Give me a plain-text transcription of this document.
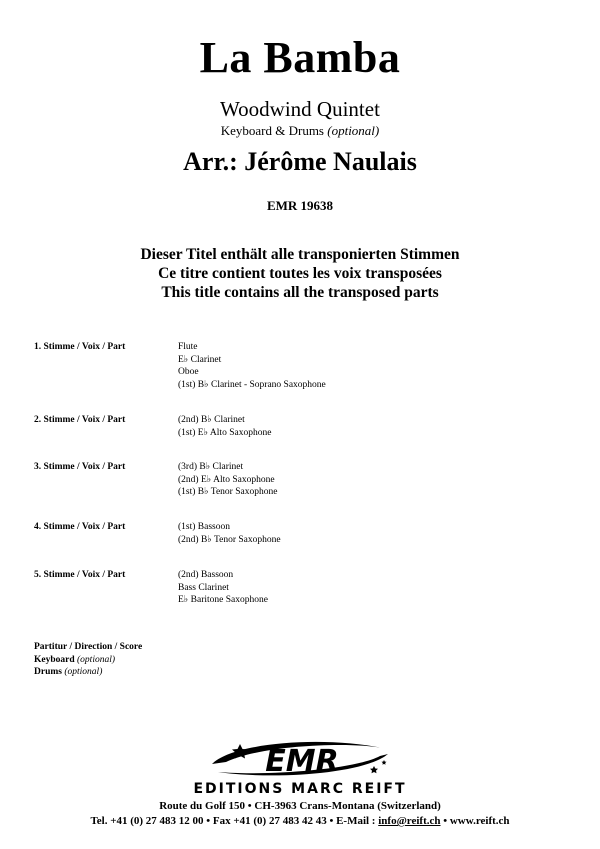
La Bamba
Woodwind Quintet
Keyboard & Drums (optional)
Arr.: Jérôme Naulais
EMR 19638
Dieser Titel enthält alle transponierten Stimmen
Ce titre contient toutes les voix transposées
This title contains all the transposed parts
1. Stimme / Voix / Part	Flute
E♭ Clarinet
Oboe
(1st) B♭ Clarinet - Soprano Saxophone
2. Stimme / Voix / Part	(2nd) B♭ Clarinet
(1st) E♭ Alto Saxophone
3. Stimme / Voix / Part	(3rd) B♭ Clarinet
(2nd) E♭ Alto Saxophone
(1st) B♭ Tenor Saxophone
4. Stimme / Voix / Part	(1st) Bassoon
(2nd) B♭ Tenor Saxophone
5. Stimme / Voix / Part	(2nd) Bassoon
Bass Clarinet
E♭ Baritone Saxophone
Partitur / Direction / Score
Keyboard (optional)
Drums (optional)
EMR
EDITIONS MARC REIFT
Route du Golf 150 • CH-3963 Crans-Montana (Switzerland)
Tel. +41 (0) 27 483 12 00 • Fax +41 (0) 27 483 42 43 • E-Mail : info@reift.ch • www.reift.ch
